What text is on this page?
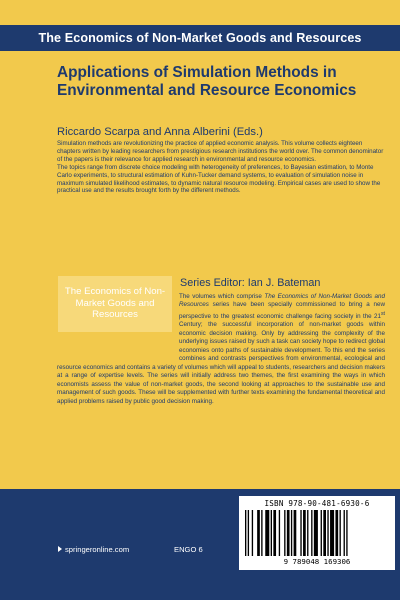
The Economics of Non-Market Goods and Resources
Applications of Simulation Methods in Environmental and Resource Economics
Riccardo Scarpa and Anna Alberini (Eds.)

Simulation methods are revolutionizing the practice of applied economic analysis. This volume collects eighteen chapters written by leading researchers from prestigious research institutions the world over. The common denominator of the papers is their relevance for applied research in environmental and resource economics.

The topics range from discrete choice modeling with heterogeneity of preferences, to Bayesian estimation, to Monte Carlo experiments, to structural estimation of Kuhn-Tucker demand systems, to evaluation of simulation noise in maximum simulated likelihood estimates, to dynamic natural resource modeling. Empirical cases are used to show the practical use and the results brought forth by the different methods.

The Economics of Non-Market Goods and Resources
Series Editor: Ian J. Bateman
The volumes which comprise The Economics of Non-Market Goods and Resources series have been specially commissioned to bring a new perspective to the greatest economic challenge facing society in the 21st Century; the successful incorporation of non-market goods within economic decision making. Only by addressing the complexity of the underlying issues raised by such a task can society hope to redirect global economies onto paths of sustainable development. To this end the series combines and contrasts perspectives from environmental, ecological and resource economics and contains a variety of volumes which will appeal to students, researchers and decision makers at a range of expertise levels. The series will initially address two themes, the first examining the ways in which economists assess the value of non-market goods, the second looking at approaches to the sustainable use and management of such goods. These will be supplemented with further texts examining the fundamental theoretical and applied problems raised by public good decision making.
ISBN 978-90-481-6930-6
9 789048 169306
springeronline.com	ENGO 6
